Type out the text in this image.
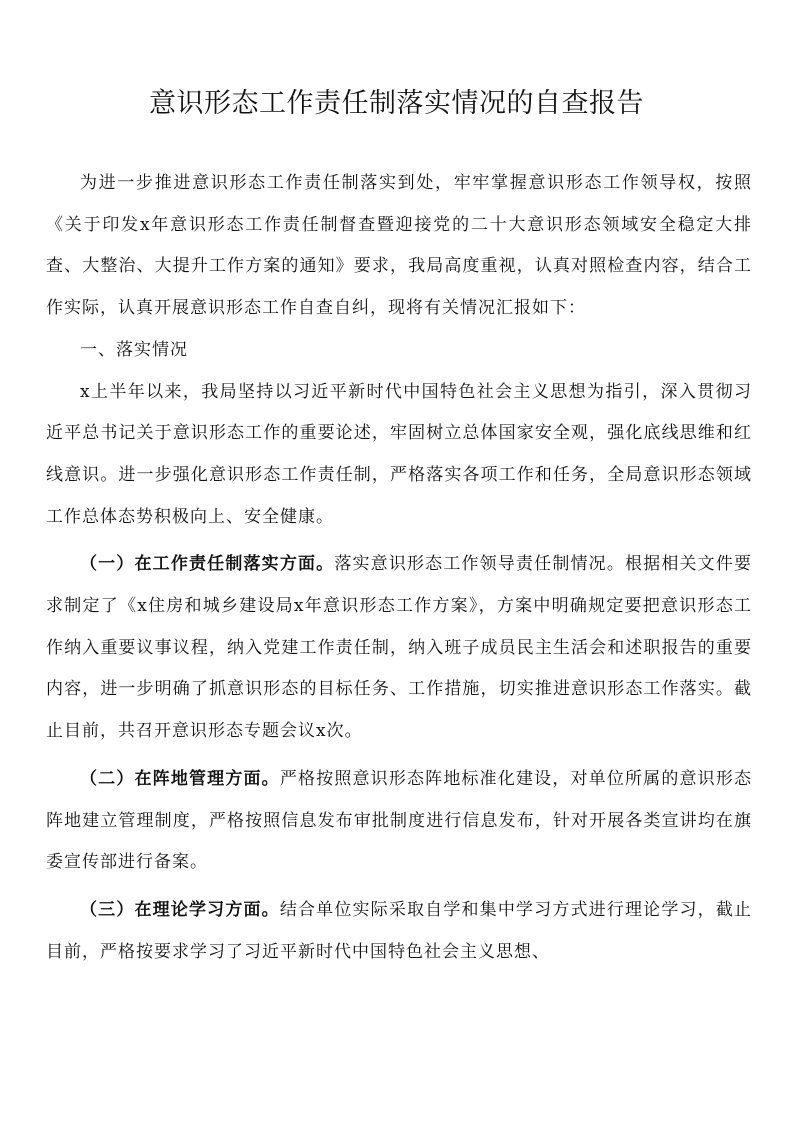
意识形态工作责任制落实情况的自查报告

为进一步推进意识形态工作责任制落实到处，牢牢掌握意识形态工作领导权，按照《关于印发x年意识形态工作责任制督查暨迎接党的二十大意识形态领域安全稳定大排查、大整治、大提升工作方案的通知》要求，我局高度重视，认真对照检查内容，结合工作实际，认真开展意识形态工作自查自纠，现将有关情况汇报如下：

一、落实情况

x上半年以来，我局坚持以习近平新时代中国特色社会主义思想为指引，深入贯彻习近平总书记关于意识形态工作的重要论述，牢固树立总体国家安全观，强化底线思维和红线意识。进一步强化意识形态工作责任制，严格落实各项工作和任务，全局意识形态领域工作总体态势积极向上、安全健康。

（一）在工作责任制落实方面。落实意识形态工作领导责任制情况。根据相关文件要求制定了《x住房和城乡建设局x年意识形态工作方案》，方案中明确规定要把意识形态工作纳入重要议事议程，纳入党建工作责任制，纳入班子成员民主生活会和述职报告的重要内容，进一步明确了抓意识形态的目标任务、工作措施，切实推进意识形态工作落实。截止目前，共召开意识形态专题会议x次。

（二）在阵地管理方面。严格按照意识形态阵地标准化建设，对单位所属的意识形态阵地建立管理制度，严格按照信息发布审批制度进行信息发布，针对开展各类宣讲均在旗委宣传部进行备案。

（三）在理论学习方面。结合单位实际采取自学和集中学习方式进行理论学习，截止目前，严格按要求学习了习近平新时代中国特色社会主义思想、
